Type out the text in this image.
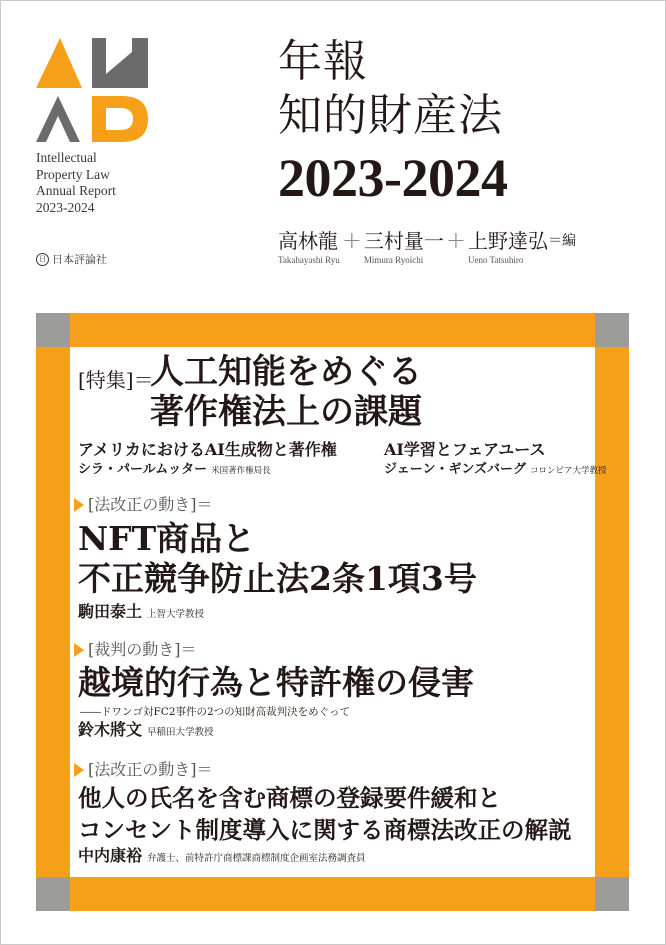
Intellectual
Property Law
Annual Report
2023-2024
日 日本評論社
年報
知的財産法
2023-2024
高林龍
Takabayashi Ryu
+ 三村量一
Mimura Ryoichi
+ 上野達弘
Ueno Tatsuhiro
＝編
[特集]＝
人工知能をめぐる
著作権法上の課題
アメリカにおけるAI生成物と著作権
シラ・パールムッター 米国著作権局長
AI学習とフェアユース
ジェーン・ギンズバーグ コロンビア大学教授
[法改正の動き]＝
NFT商品と
不正競争防止法2条1項3号
駒田泰土 上智大学教授
[裁判の動き]＝
越境的行為と特許権の侵害
――ドワンゴ対FC2事件の2つの知財高裁判決をめぐって
鈴木將文 早稲田大学教授
[法改正の動き]＝
他人の氏名を含む商標の登録要件緩和と
コンセント制度導入に関する商標法改正の解説
中内康裕 弁護士、前特許庁商標課商標制度企画室法務調査員
